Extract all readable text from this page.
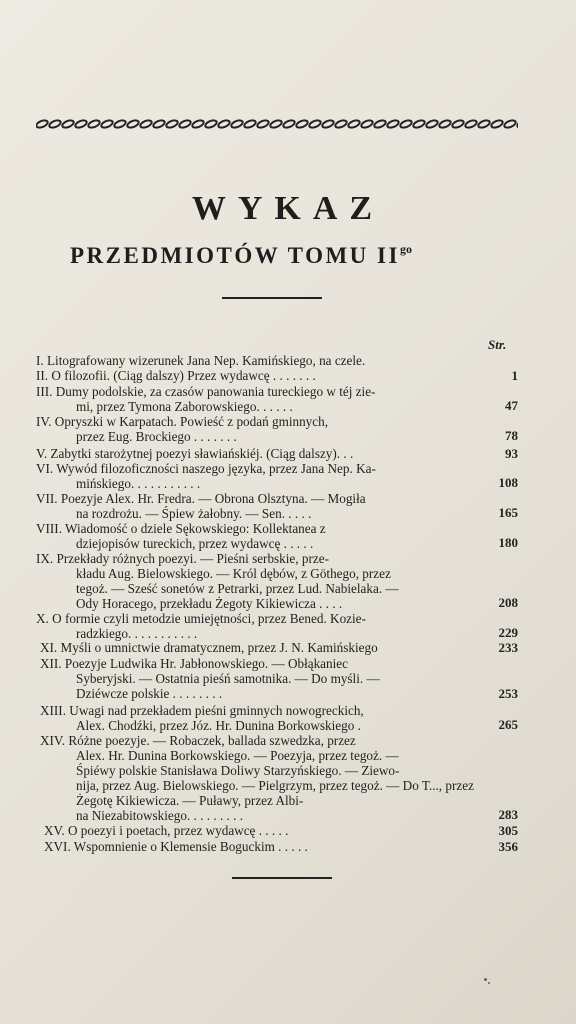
WYKAZ
PRZEDMIOTÓW TOMU $II^{go}$
Str.
I. Litografowany wizerunek Jana Nep. Kamińskiego, na czele.
II. O filozofii. (Ciąg dalszy) Przez wydawcę . . . . . . .	1
III. Dumy podolskie, za czasów panowania tureckiego w téj zie-
mi, przez Tymona Zaborowskiego. . . . . .	47
IV. Opryszki w Karpatach. Powieść z podań gminnych,
przez Eug. Brockiego . . . . . . .	78
V. Zabytki starożytnej poezyi sławiańskiéj. (Ciąg dalszy). . .	93
VI. Wywód filozoficzności naszego języka, przez Jana Nep. Ka-
mińskiego. . . . . . . . . . .	108
VII. Poezyje Alex. Hr. Fredra. — Obrona Olsztyna. — Mogiła
na rozdrożu. — Śpiew żałobny. — Sen. . . . .	165
VIII. Wiadomość o dziele Sękowskiego: Kollektanea z
dziejopisów tureckich, przez wydawcę . . . . .	180
IX. Przekłady różnych poezyi. — Pieśni serbskie, prze-
kładu Aug. Bielowskiego. — Król dębów, z Göthego, przez
tegoż. — Sześć sonetów z Petrarki, przez Lud. Nabielaka. —
Ody Horacego, przekładu Żegoty Kikiewicza . . . .	208
X. O formie czyli metodzie umiejętności, przez Bened. Kozie-
radzkiego. . . . . . . . . . .	229
XI. Myśli o umnictwie dramatycznem, przez J. N. Kamińskiego	233
XII. Poezyje Ludwika Hr. Jabłonowskiego. — Obłąkaniec
Syberyjski. — Ostatnia pieśń samotnika. — Do myśli. —
Dziéwcze polskie . . . . . . . .	253
XIII. Uwagi nad przekładem pieśni gminnych nowogreckich,
Alex. Chodźki, przez Józ. Hr. Dunina Borkowskiego .	265
XIV. Różne poezyje. — Robaczek, ballada szwedzka, przez
Alex. Hr. Dunina Borkowskiego. — Poezyja, przez tegoż. —
Śpiéwy polskie Stanisława Doliwy Starzyńskiego. — Ziewo-
nija, przez Aug. Bielowskiego. — Pielgrzym, przez tegoż. — Do T..., przez
Żegotę Kikiewicza. — Puławy, przez Albi-
na Niezabitowskiego. . . . . . . . .	283
XV. O poezyi i poetach, przez wydawcę . . . . .	305
XVI. Wspomnienie o Klemensie Boguckim . . . . .	356
